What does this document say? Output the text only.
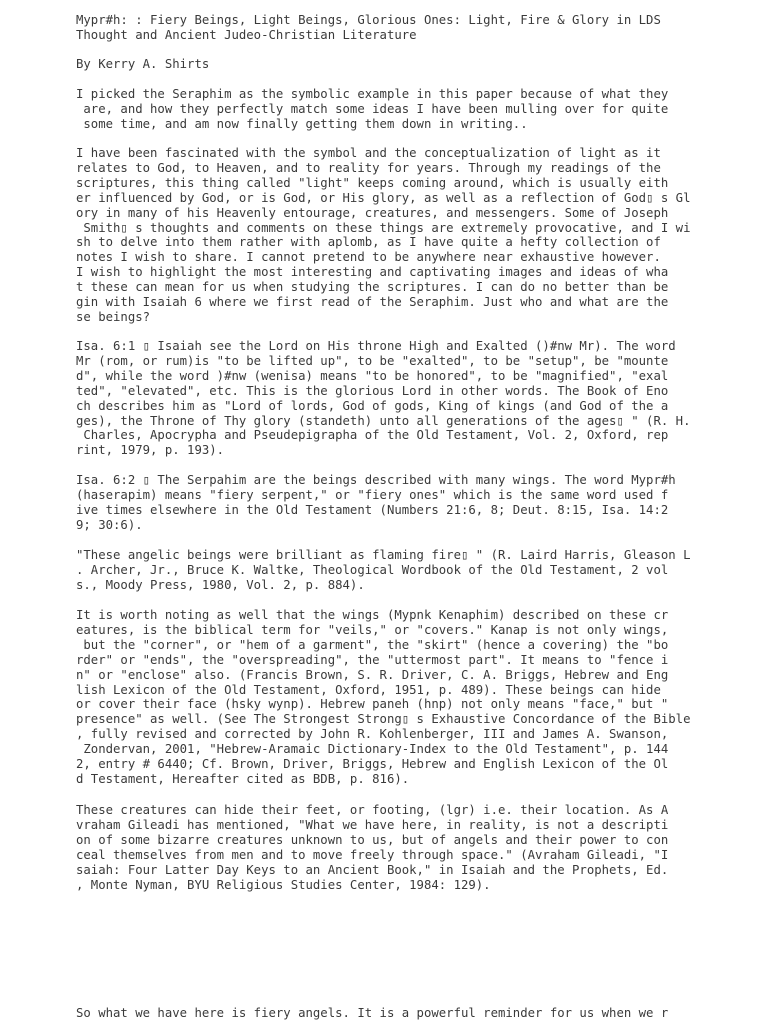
Mypr#h: : Fiery Beings, Light Beings, Glorious Ones: Light, Fire & Glory in LDS
Thought and Ancient Judeo-Christian Literature
By Kerry A. Shirts
I picked the Seraphim as the symbolic example in this paper because of what they
are, and how they perfectly match some ideas I have been mulling over for quite
some time, and am now finally getting them down in writing..
I have been fascinated with the symbol and the conceptualization of light as it
relates to God, to Heaven, and to reality for years. Through my readings of the
scriptures, this thing called "light" keeps coming around, which is usually eith
er influenced by God, or is God, or His glory, as well as a reflection of God▯ s Gl
ory in many of his Heavenly entourage, creatures, and messengers. Some of Joseph
Smith▯ s thoughts and comments on these things are extremely provocative, and I wi
sh to delve into them rather with aplomb, as I have quite a hefty collection of
notes I wish to share. I cannot pretend to be anywhere near exhaustive however.
I wish to highlight the most interesting and captivating images and ideas of wha
t these can mean for us when studying the scriptures. I can do no better than be
gin with Isaiah 6 where we first read of the Seraphim. Just who and what are the
se beings?
Isa. 6:1 ▯ Isaiah see the Lord on His throne High and Exalted ()#nw Mr). The word
Mr (rom, or rum)is "to be lifted up", to be "exalted", to be "setup", be "mounte
d", while the word )#nw (wenisa) means "to be honored", to be "magnified", "exal
ted", "elevated", etc. This is the glorious Lord in other words. The Book of Eno
ch describes him as "Lord of lords, God of gods, King of kings (and God of the a
ges), the Throne of Thy glory (standeth) unto all generations of the ages▯ " (R. H.
Charles, Apocrypha and Pseudepigrapha of the Old Testament, Vol. 2, Oxford, rep
rint, 1979, p. 193).
Isa. 6:2 ▯ The Serpahim are the beings described with many wings. The word Mypr#h
(haserapim) means "fiery serpent," or "fiery ones" which is the same word used f
ive times elsewhere in the Old Testament (Numbers 21:6, 8; Deut. 8:15, Isa. 14:2
9; 30:6).
"These angelic beings were brilliant as flaming fire▯ " (R. Laird Harris, Gleason L
. Archer, Jr., Bruce K. Waltke, Theological Wordbook of the Old Testament, 2 vol
s., Moody Press, 1980, Vol. 2, p. 884).
It is worth noting as well that the wings (Mypnk Kenaphim) described on these cr
eatures, is the biblical term for "veils," or "covers." Kanap is not only wings,
but the "corner", or "hem of a garment", the "skirt" (hence a covering) the "bo
rder" or "ends", the "overspreading", the "uttermost part". It means to "fence i
n" or "enclose" also. (Francis Brown, S. R. Driver, C. A. Briggs, Hebrew and Eng
lish Lexicon of the Old Testament, Oxford, 1951, p. 489). These beings can hide
or cover their face (hsky wynp). Hebrew paneh (hnp) not only means "face," but "
presence" as well. (See The Strongest Strong▯ s Exhaustive Concordance of the Bible
, fully revised and corrected by John R. Kohlenberger, III and James A. Swanson,
Zondervan, 2001, "Hebrew-Aramaic Dictionary-Index to the Old Testament", p. 144
2, entry # 6440; Cf. Brown, Driver, Briggs, Hebrew and English Lexicon of the Ol
d Testament, Hereafter cited as BDB, p. 816).
These creatures can hide their feet, or footing, (lgr) i.e. their location. As A
vraham Gileadi has mentioned, "What we have here, in reality, is not a descripti
on of some bizarre creatures unknown to us, but of angels and their power to con
ceal themselves from men and to move freely through space." (Avraham Gileadi, "I
saiah: Four Latter Day Keys to an Ancient Book," in Isaiah and the Prophets, Ed.
, Monte Nyman, BYU Religious Studies Center, 1984: 129).
So what we have here is fiery angels. It is a powerful reminder for us when we r
